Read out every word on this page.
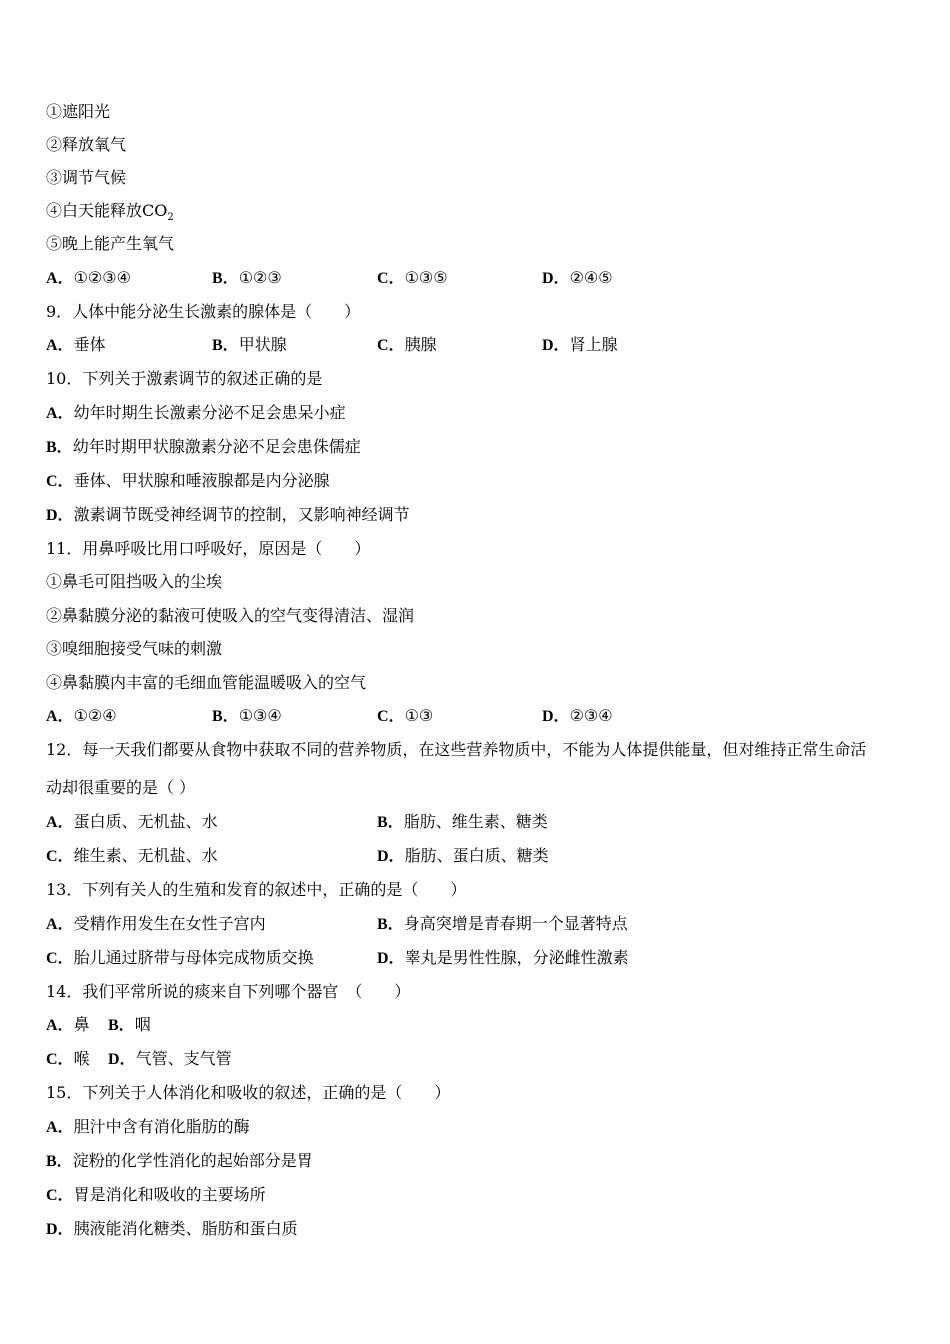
①遮阳光
②释放氧气
③调节气候
④白天能释放$CO_2$
⑤晚上能产生氧气
A．①②③④	B．①②③	C．①③⑤	D．②④⑤
9．人体中能分泌生长激素的腺体是（　　）
A．垂体	B．甲状腺	C．胰腺	D．肾上腺
10．下列关于激素调节的叙述正确的是
A．幼年时期生长激素分泌不足会患呆小症
B．幼年时期甲状腺激素分泌不足会患侏儒症
C．垂体、甲状腺和唾液腺都是内分泌腺
D．激素调节既受神经调节的控制，又影响神经调节
11．用鼻呼吸比用口呼吸好，原因是（　　）
①鼻毛可阻挡吸入的尘埃
②鼻黏膜分泌的黏液可使吸入的空气变得清洁、湿润
③嗅细胞接受气味的刺激
④鼻黏膜内丰富的毛细血管能温暖吸入的空气
A．①②④	B．①③④	C．①③	D．②③④
12．每一天我们都要从食物中获取不同的营养物质，在这些营养物质中，不能为人体提供能量，但对维持正常生命活
动却很重要的是（ ）
A．蛋白质、无机盐、水	B．脂肪、维生素、糖类
C．维生素、无机盐、水	D．脂肪、蛋白质、糖类
13．下列有关人的生殖和发育的叙述中，正确的是（　　）
A．受精作用发生在女性子宫内	B．身高突增是青春期一个显著特点
C．胎儿通过脐带与母体完成物质交换	D．睾丸是男性性腺，分泌雌性激素
14．我们平常所说的痰来自下列哪个器官　（　　）
A．鼻 B．咽
C．喉 D．气管、支气管
15．下列关于人体消化和吸收的叙述，正确的是（　　）
A．胆汁中含有消化脂肪的酶
B．淀粉的化学性消化的起始部分是胃
C．胃是消化和吸收的主要场所
D．胰液能消化糖类、脂肪和蛋白质
